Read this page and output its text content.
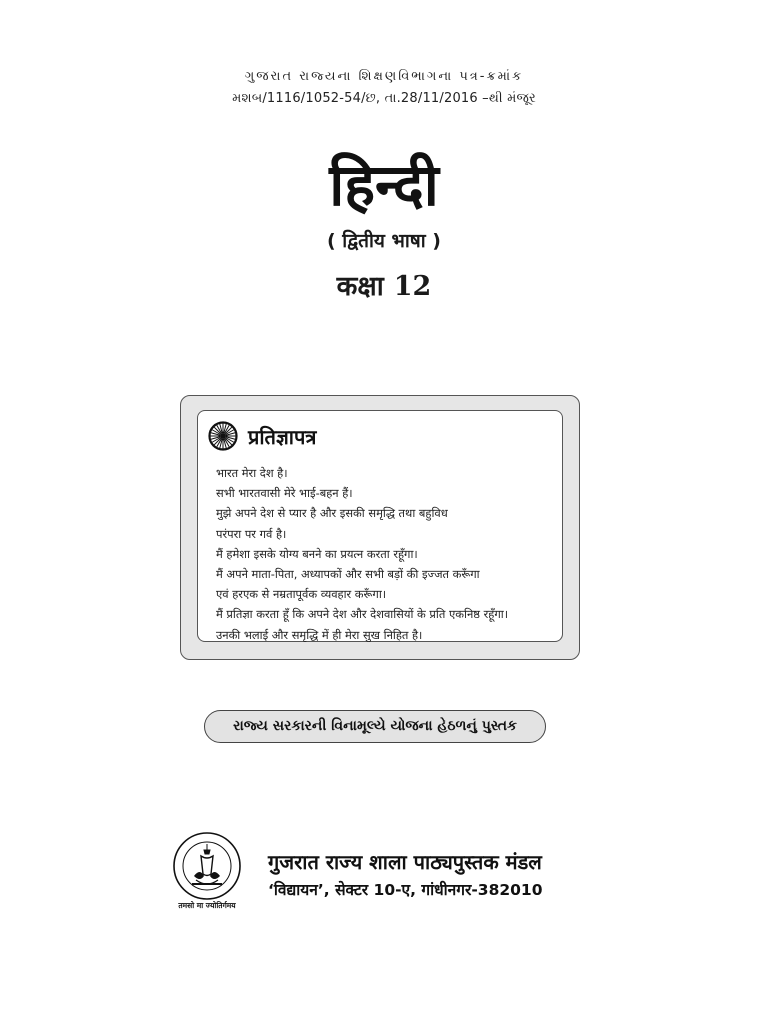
ગુજરાત રાજ્યના શિક્ષણવિભાગના પત્ર-ક્રમાંક
મશબ/1116/1052-54/છ, તા.28/11/2016 –થી મંજૂર
हिन्दी
( द्वितीय भाषा )
कक्षा 12
प्रतिज्ञापत्र
भारत मेरा देश है।
सभी भारतवासी मेरे भाई-बहन हैं।
मुझे अपने देश से प्यार है और इसकी समृद्धि तथा बहुविध
परंपरा पर गर्व है।
मैं हमेशा इसके योग्य बनने का प्रयत्न करता रहूँगा।
मैं अपने माता-पिता, अध्यापकों और सभी बड़ों की इज्जत करूँगा
एवं हरएक से नम्रतापूर्वक व्यवहार करूँगा।
मैं प्रतिज्ञा करता हूँ कि अपने देश और देशवासियों के प्रति एकनिष्ठ रहूँगा।
उनकी भलाई और समृद्धि में ही मेरा सुख निहित है।
રાજ્ય સરકારની વિનામૂલ્યે યોજના હેઠળનું પુસ્તક
तमसो मा ज्योतिर्गमय
गुजरात राज्य शाला पाठ्यपुस्तक मंडल
‘विद्यायन’, सेक्टर 10-ए, गांधीनगर-382010
